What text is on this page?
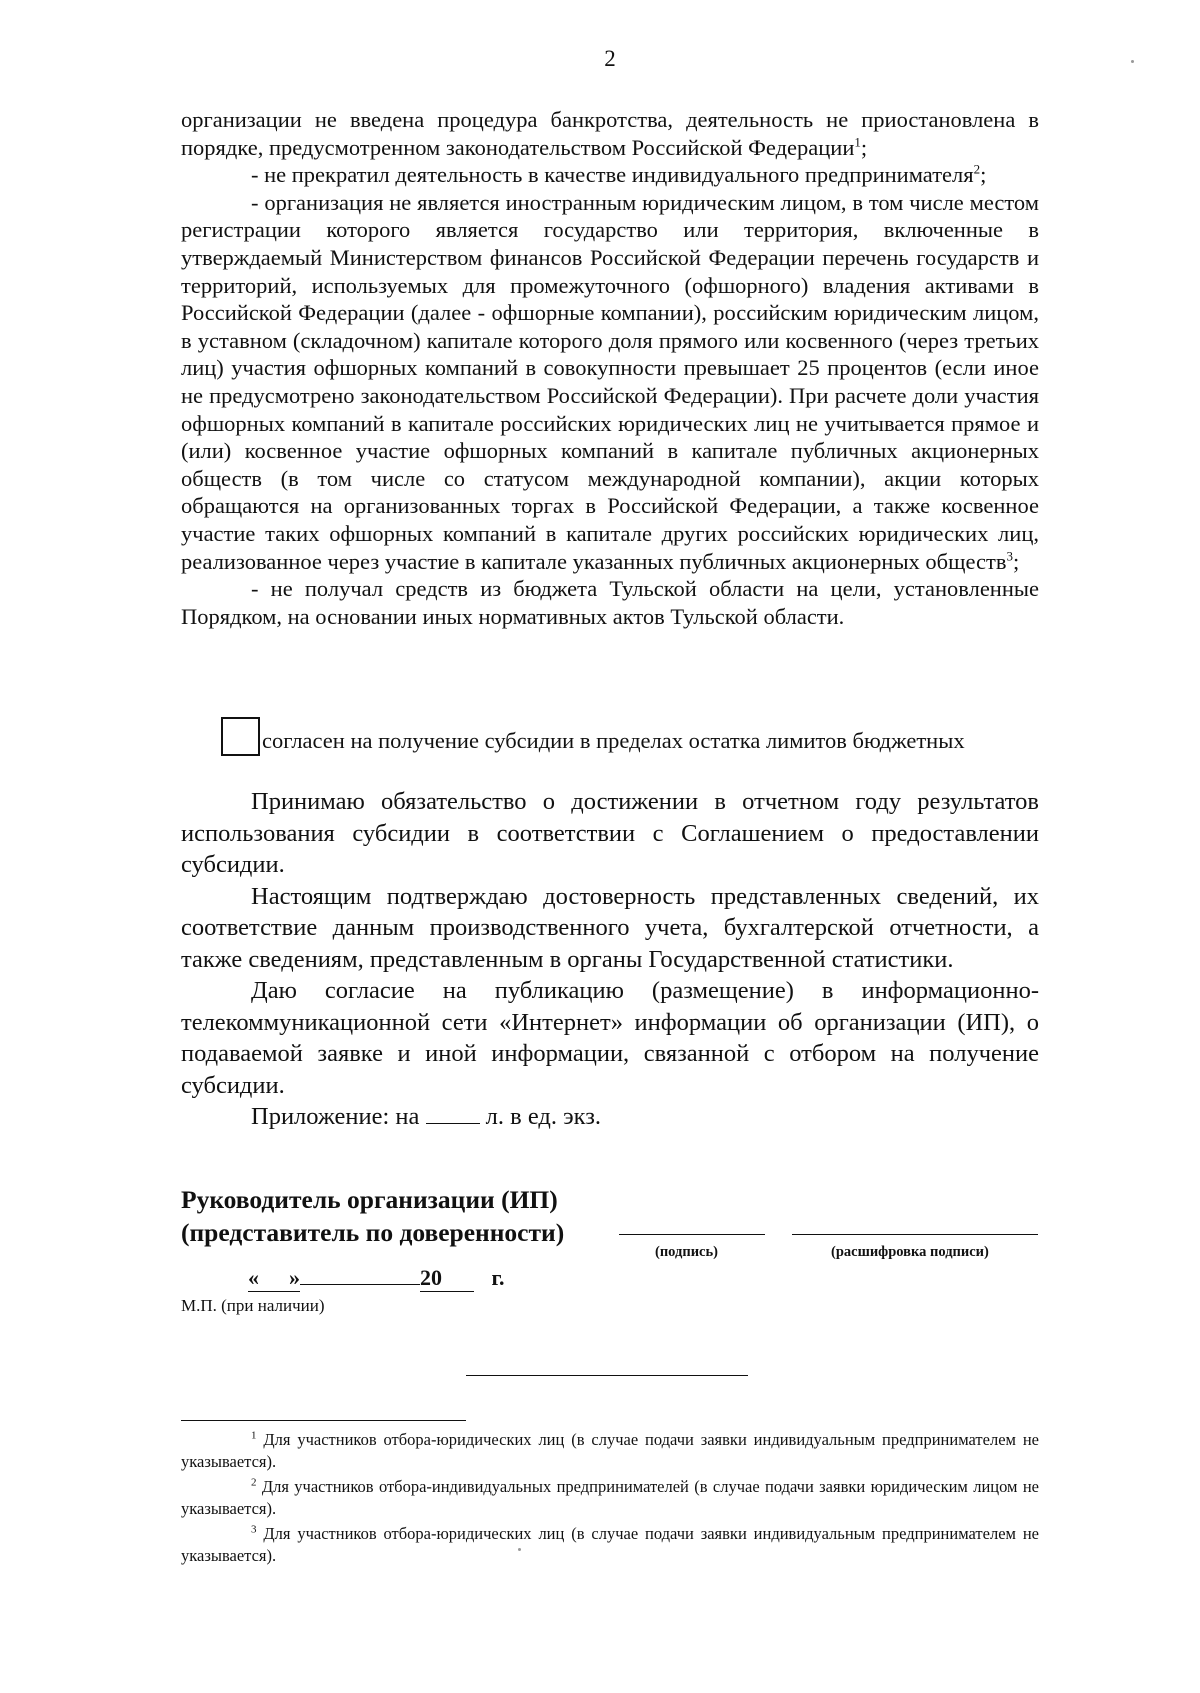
2

организации не введена процедура банкротства, деятельность не приостановлена в порядке, предусмотренном законодательством Российской Федерации$^1$;

- не прекратил деятельность в качестве индивидуального предпринимателя$^2$;

- организация не является иностранным юридическим лицом, в том числе местом регистрации которого является государство или территория, включенные в утверждаемый Министерством финансов Российской Федерации перечень государств и территорий, используемых для промежуточного (офшорного) владения активами в Российской Федерации (далее - офшорные компании), российским юридическим лицом, в уставном (складочном) капитале которого доля прямого или косвенного (через третьих лиц) участия офшорных компаний в совокупности превышает 25 процентов (если иное не предусмотрено законодательством Российской Федерации). При расчете доли участия офшорных компаний в капитале российских юридических лиц не учитывается прямое и (или) косвенное участие офшорных компаний в капитале публичных акционерных обществ (в том числе со статусом международной компании), акции которых обращаются на организованных торгах в Российской Федерации, а также косвенное участие таких офшорных компаний в капитале других российских юридических лиц, реализованное через участие в капитале указанных публичных акционерных обществ$^3$;

- не получал средств из бюджета Тульской области на цели, установленные Порядком, на основании иных нормативных актов Тульской области.

согласен на получение субсидии в пределах остатка лимитов бюджетных

Принимаю обязательство о достижении в отчетном году результатов использования субсидии в соответствии с Соглашением о предоставлении субсидии.

Настоящим подтверждаю достоверность представленных сведений, их соответствие данным производственного учета, бухгалтерской отчетности, а также сведениям, представленным в органы Государственной статистики.

Даю согласие на публикацию (размещение) в информационно-телекоммуникационной сети «Интернет» информации об организации (ИП), о подаваемой заявке и иной информации, связанной с отбором на получение субсидии.

Приложение: на	л. в ед. экз.

Руководитель организации (ИП)
(представитель по доверенности)
(подпись)	(расшифровка подписи)
« »	20 г.
М.П. (при наличии)

$^1$ Для участников отбора-юридических лиц (в случае подачи заявки индивидуальным предпринимателем не указывается).

$^2$ Для участников отбора-индивидуальных предпринимателей (в случае подачи заявки юридическим лицом не указывается).

$^3$ Для участников отбора-юридических лиц (в случае подачи заявки индивидуальным предпринимателем не указывается).
